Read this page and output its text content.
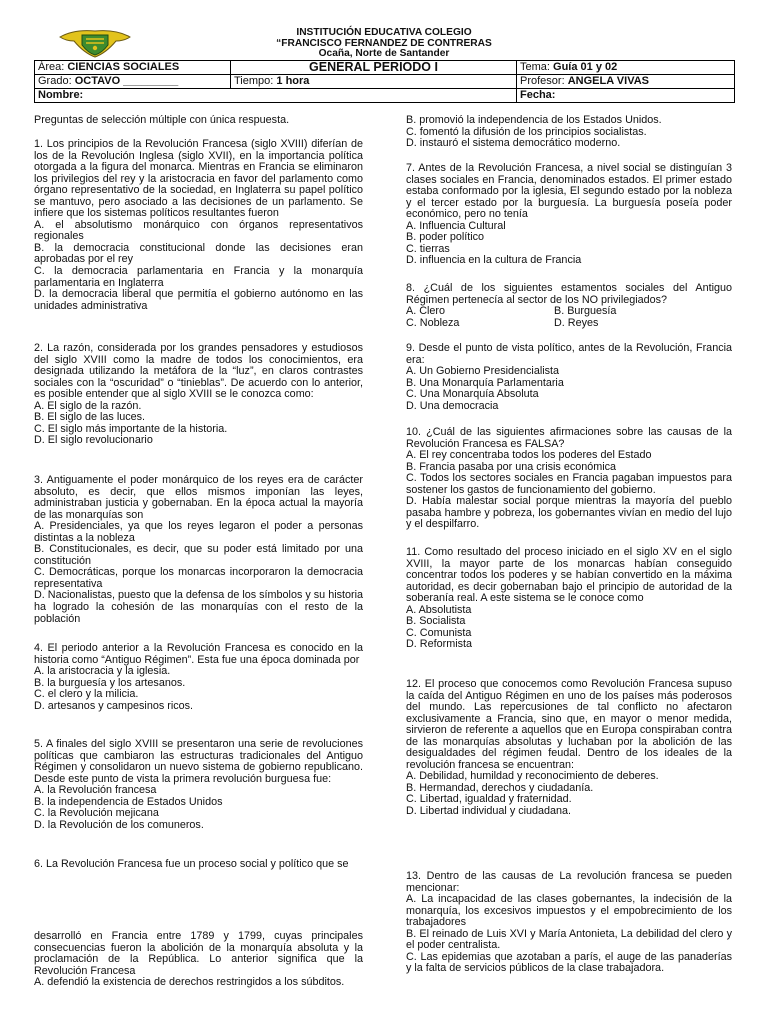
INSTITUCIÓN EDUCATIVA COLEGIO
“FRANCISCO FERNANDEZ DE CONTRERAS
Ocaña, Norte de Santander
Área: CIENCIAS SOCIALES	GENERAL PERIODO I	Tema: Guía 01 y 02
Grado: OCTAVO _________	Tiempo: 1 hora	Profesor: ANGELA VIVAS
Nombre:		Fecha:

Preguntas de selección múltiple con única respuesta.

1. Los principios de la Revolución Francesa (siglo XVIII) diferían de los de la Revolución Inglesa (siglo XVII), en la importancia política otorgada a la figura del monarca. Mientras en Francia se eliminaron los privilegios del rey y la aristocracia en favor del parlamento como órgano representativo de la sociedad, en Inglaterra su papel político se mantuvo, pero asociado a las decisiones de un parlamento. Se infiere que los sistemas políticos resultantes fueron

A. el absolutismo monárquico con órganos representativos regionales

B. la democracia constitucional donde las decisiones eran aprobadas por el rey

C. la democracia parlamentaria en Francia y la monarquía parlamentaria en Inglaterra

D. la democracia liberal que permitía el gobierno autónomo en las unidades administrativa

2. La razón, considerada por los grandes pensadores y estudiosos del siglo XVIII como la madre de todos los conocimientos, era designada utilizando la metáfora de la “luz”, en claros contrastes sociales con la “oscuridad” o “tinieblas”. De acuerdo con lo anterior, es posible entender que al siglo XVIII se le conozca como:

A. El siglo de la razón.

B. El siglo de las luces.

C. El siglo más importante de la historia.

D. El siglo revolucionario

3. Antiguamente el poder monárquico de los reyes era de carácter absoluto, es decir, que ellos mismos imponían las leyes, administraban justicia y gobernaban. En la época actual la mayoría de las monarquías son

A. Presidenciales, ya que los reyes legaron el poder a personas distintas a la nobleza

B. Constitucionales, es decir, que su poder está limitado por una constitución

C. Democráticas, porque los monarcas incorporaron la democracia representativa

D. Nacionalistas, puesto que la defensa de los símbolos y su historia ha logrado la cohesión de las monarquías con el resto de la población

4. El periodo anterior a la Revolución Francesa es conocido en la historia como “Antiguo Régimen”. Esta fue una época dominada por

A. la aristocracia y la iglesia.

B. la burguesía y los artesanos.

C. el clero y la milicia.

D. artesanos y campesinos ricos.

5. A finales del siglo XVIII se presentaron una serie de revoluciones políticas que cambiaron las estructuras tradicionales del Antiguo Régimen y consolidaron un nuevo sistema de gobierno republicano. Desde este punto de vista la primera revolución burguesa fue:

A. la Revolución francesa

B. la independencia de Estados Unidos

C. la Revolución mejicana

D. la Revolución de los comuneros.

6. La Revolución Francesa fue un proceso social y político que se

desarrolló en Francia entre 1789 y 1799, cuyas principales consecuencias fueron la abolición de la monarquía absoluta y la proclamación de la República. Lo anterior significa que la Revolución Francesa

A. defendió la existencia de derechos restringidos a los súbditos.

B. promovió la independencia de los Estados Unidos.

C. fomentó la difusión de los principios socialistas.

D. instauró el sistema democrático moderno.

7. Antes de la Revolución Francesa, a nivel social se distinguían 3 clases sociales en Francia, denominados estados. El primer estado estaba conformado por la iglesia, El segundo estado por la nobleza y el tercer estado por la burguesía. La burguesía poseía poder económico, pero no tenía

A. Influencia Cultural

B. poder político

C. tierras

D. influencia en la cultura de Francia

8. ¿Cuál de los siguientes estamentos sociales del Antiguo Régimen pertenecía al sector de los NO privilegiados?

A. Clero	B. Burguesía
C. Nobleza	D. Reyes

9. Desde el punto de vista político, antes de la Revolución, Francia era:

A. Un Gobierno Presidencialista

B. Una Monarquía Parlamentaria

C. Una Monarquía Absoluta

D. Una democracia

10. ¿Cuál de las siguientes afirmaciones sobre las causas de la Revolución Francesa es FALSA?

A. El rey concentraba todos los poderes del Estado

B. Francia pasaba por una crisis económica

C. Todos los sectores sociales en Francia pagaban impuestos para sostener los gastos de funcionamiento del gobierno.

D. Había malestar social porque mientras la mayoría del pueblo pasaba hambre y pobreza, los gobernantes vivían en medio del lujo y el despilfarro.

11. Como resultado del proceso iniciado en el siglo XV en el siglo XVIII, la mayor parte de los monarcas habían conseguido concentrar todos los poderes y se habían convertido en la máxima autoridad, es decir gobernaban bajo el principio de autoridad de la soberanía real. A este sistema se le conoce como

A. Absolutista

B. Socialista

C. Comunista

D. Reformista

12. El proceso que conocemos como Revolución Francesa supuso la caída del Antiguo Régimen en uno de los países más poderosos del mundo. Las repercusiones de tal conflicto no afectaron exclusivamente a Francia, sino que, en mayor o menor medida, sirvieron de referente a aquellos que en Europa conspiraban contra de las monarquías absolutas y luchaban por la abolición de las desigualdades del régimen feudal. Dentro de los ideales de la revolución francesa se encuentran:

A. Debilidad, humildad y reconocimiento de deberes.

B. Hermandad, derechos y ciudadanía.

C. Libertad, igualdad y fraternidad.

D. Libertad individual y ciudadana.

13. Dentro de las causas de La revolución francesa se pueden mencionar:

A. La incapacidad de las clases gobernantes, la indecisión de la monarquía, los excesivos impuestos y el empobrecimiento de los trabajadores

B. El reinado de Luis XVI y María Antonieta, La debilidad del clero y el poder centralista.

C. Las epidemias que azotaban a parís, el auge de las panaderías y la falta de servicios públicos de la clase trabajadora.
